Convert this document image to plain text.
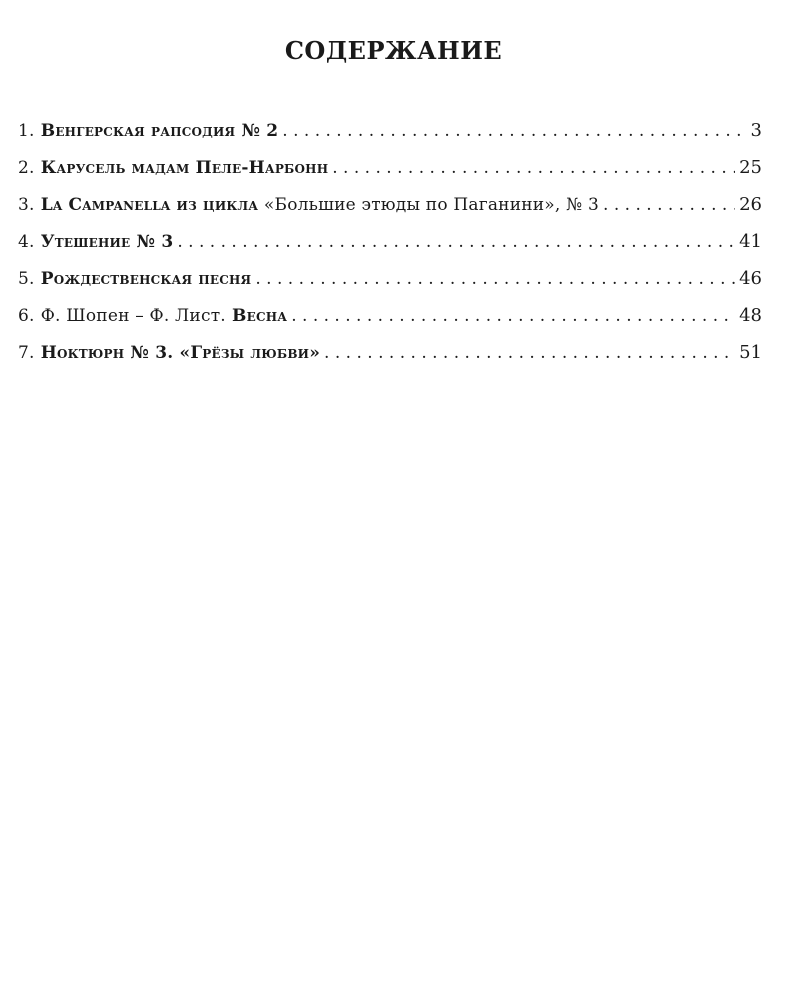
СОДЕРЖАНИЕ
1. Венгерская рапсодия № 2 . . .	3
2. Карусель мадам Пеле-Нарбонн . . .	25
3. La Campanella из цикла «Большие этюды по Паганини», № 3 . . .	26
4. Утешение № 3 . . .	41
5. Рождественская песня . . .	46
6. Ф. Шопен – Ф. Лист. Весна . . .	48
7. Ноктюрн № 3. «Грёзы любви» . . .	51
